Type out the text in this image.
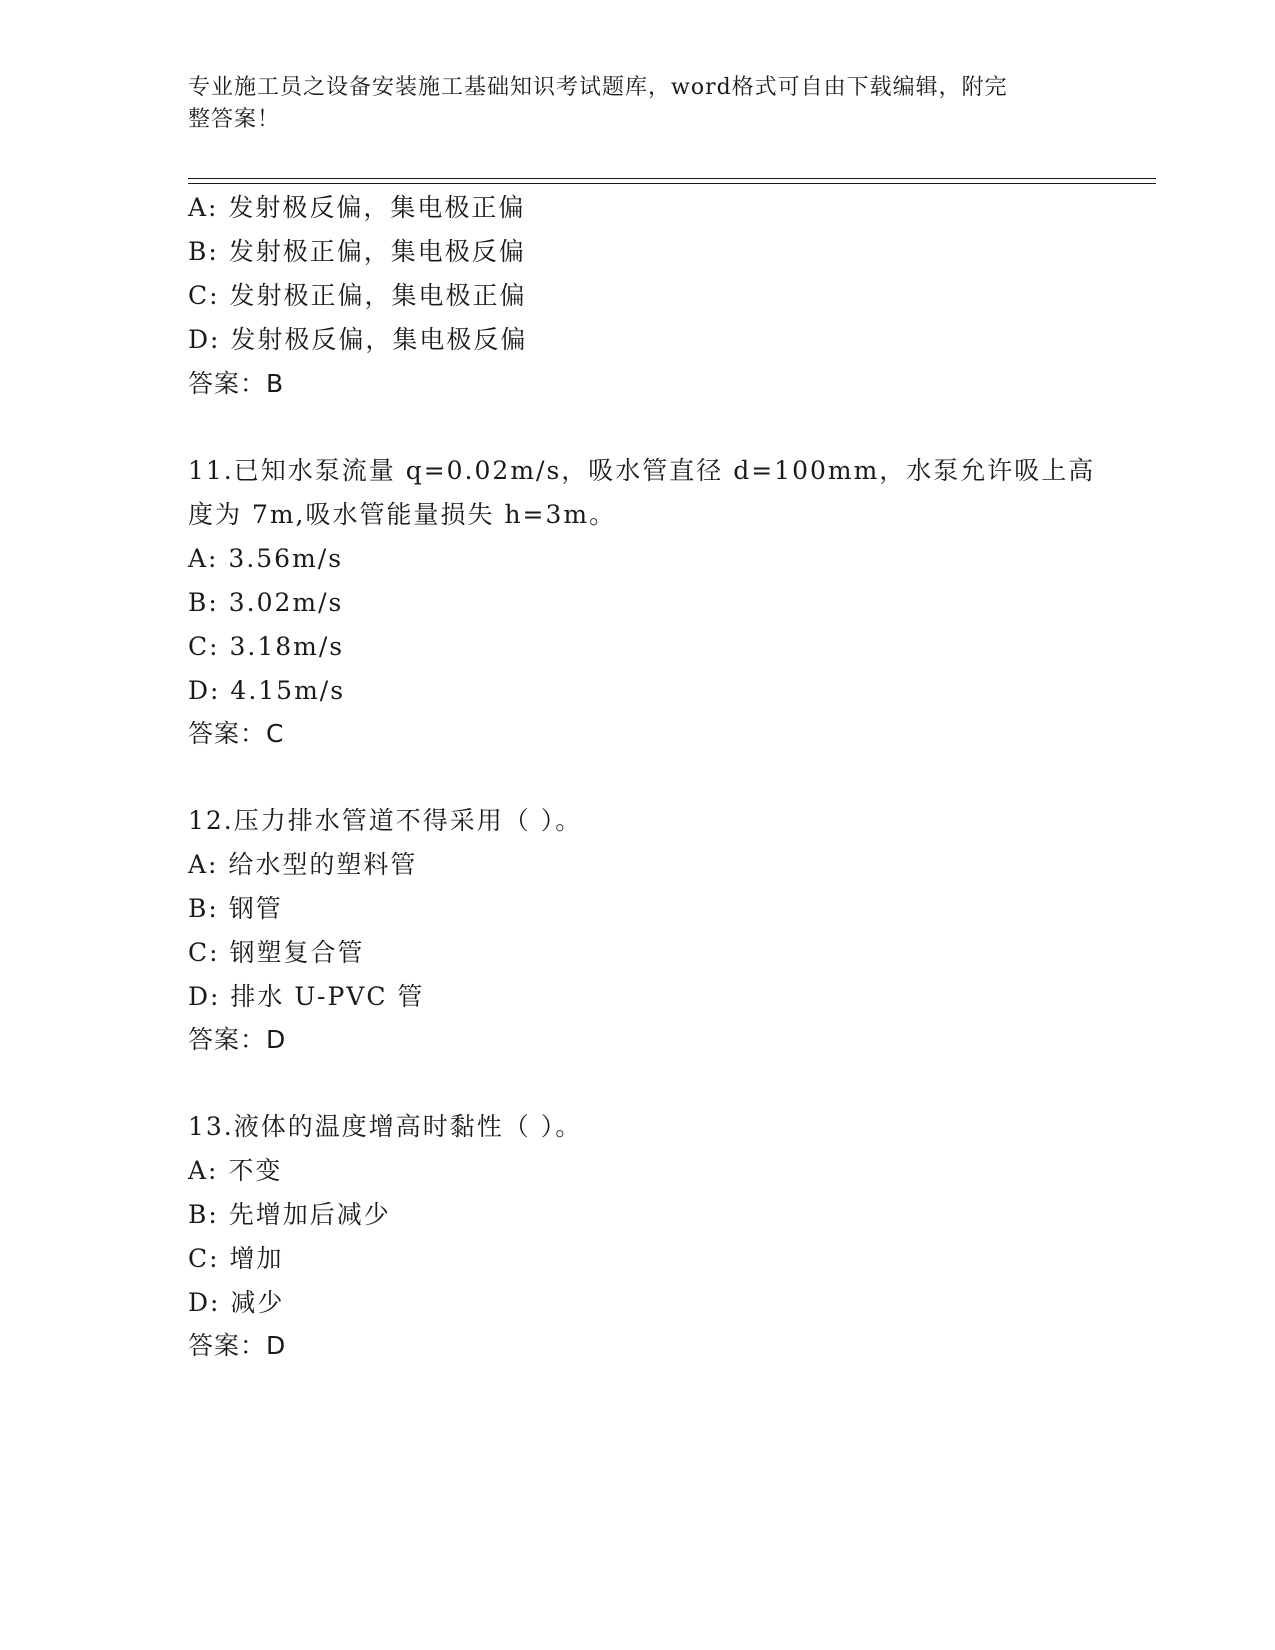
专业施工员之设备安装施工基础知识考试题库，word格式可自由下载编辑，附完
整答案！
A: 发射极反偏，集电极正偏
B: 发射极正偏，集电极反偏
C: 发射极正偏，集电极正偏
D: 发射极反偏，集电极反偏
答案：B
11.已知水泵流量 q=0.02m/s，吸水管直径 d=100mm，水泵允许吸上高
度为 7m,吸水管能量损失 h=3m。
A: 3.56m/s
B: 3.02m/s
C: 3.18m/s
D: 4.15m/s
答案：C
12.压力排水管道不得采用（ ）。
A: 给水型的塑料管
B: 钢管
C: 钢塑复合管
D: 排水 U-PVC 管
答案：D
13.液体的温度增高时黏性（ ）。
A: 不变
B: 先增加后减少
C: 增加
D: 减少
答案：D
